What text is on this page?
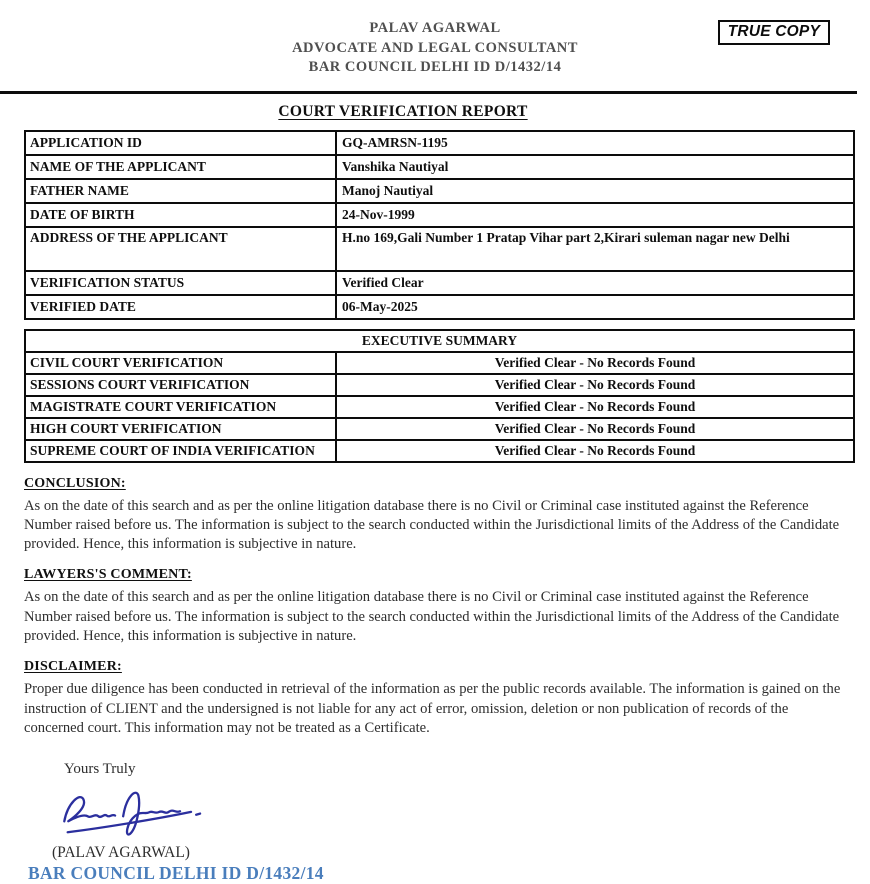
PALAV AGARWAL
ADVOCATE AND LEGAL CONSULTANT
BAR COUNCIL DELHI ID D/1432/14
TRUE COPY
COURT VERIFICATION REPORT
APPLICATION ID	GQ-AMRSN-1195
NAME OF THE APPLICANT	Vanshika Nautiyal
FATHER NAME	Manoj Nautiyal
DATE OF BIRTH	24-Nov-1999
ADDRESS OF THE APPLICANT	H.no 169,Gali Number 1 Pratap Vihar part 2,Kirari suleman nagar new Delhi
VERIFICATION STATUS	Verified Clear
VERIFIED DATE	06-May-2025
EXECUTIVE SUMMARY	
CIVIL COURT VERIFICATION	Verified Clear - No Records Found
SESSIONS COURT VERIFICATION	Verified Clear - No Records Found
MAGISTRATE COURT VERIFICATION	Verified Clear - No Records Found
HIGH COURT VERIFICATION	Verified Clear - No Records Found
SUPREME COURT OF INDIA VERIFICATION	Verified Clear - No Records Found
CONCLUSION:
As on the date of this search and as per the online litigation database there is no Civil or Criminal case instituted against the Reference Number raised before us. The information is subject to the search conducted within the Jurisdictional limits of the Address of the Candidate provided. Hence, this information is subjective in nature.
LAWYERS'S COMMENT:
As on the date of this search and as per the online litigation database there is no Civil or Criminal case instituted against the Reference Number raised before us. The information is subject to the search conducted within the Jurisdictional limits of the Address of the Candidate provided. Hence, this information is subjective in nature.
DISCLAIMER:
Proper due diligence has been conducted in retrieval of the information as per the public records available. The information is gained on the instruction of CLIENT and the undersigned is not liable for any act of error, omission, deletion or non publication of records of the concerned court. This information may not be treated as a Certificate.
Yours Truly
(PALAV AGARWAL)
BAR COUNCIL DELHI ID D/1432/14
